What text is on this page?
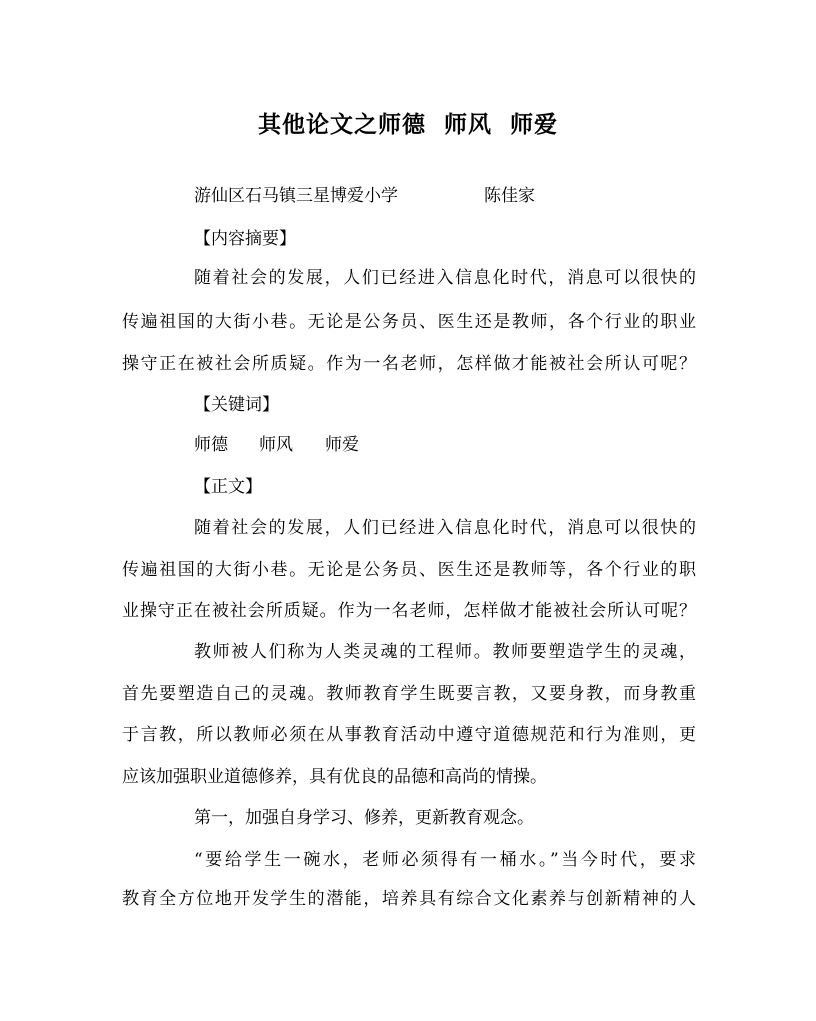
其他论文之师德  师风  师爱
游仙区石马镇三星博爱小学	陈佳家
【内容摘要】
随着社会的发展，人们已经进入信息化时代，消息可以很快的
传遍祖国的大街小巷。无论是公务员、医生还是教师，各个行业的职业
操守正在被社会所质疑。作为一名老师，怎样做才能被社会所认可呢？
【关键词】
师德 师风 师爱
【正文】
随着社会的发展，人们已经进入信息化时代，消息可以很快的
传遍祖国的大街小巷。无论是公务员、医生还是教师等，各个行业的职
业操守正在被社会所质疑。作为一名老师，怎样做才能被社会所认可呢？
教师被人们称为人类灵魂的工程师。教师要塑造学生的灵魂，
首先要塑造自己的灵魂。教师教育学生既要言教，又要身教，而身教重
于言教，所以教师必须在从事教育活动中遵守道德规范和行为准则，更
应该加强职业道德修养，具有优良的品德和高尚的情操。
第一，加强自身学习、修养，更新教育观念。
“要给学生一碗水，老师必须得有一桶水。”当今时代，要求
教育全方位地开发学生的潜能，培养具有综合文化素养与创新精神的人
